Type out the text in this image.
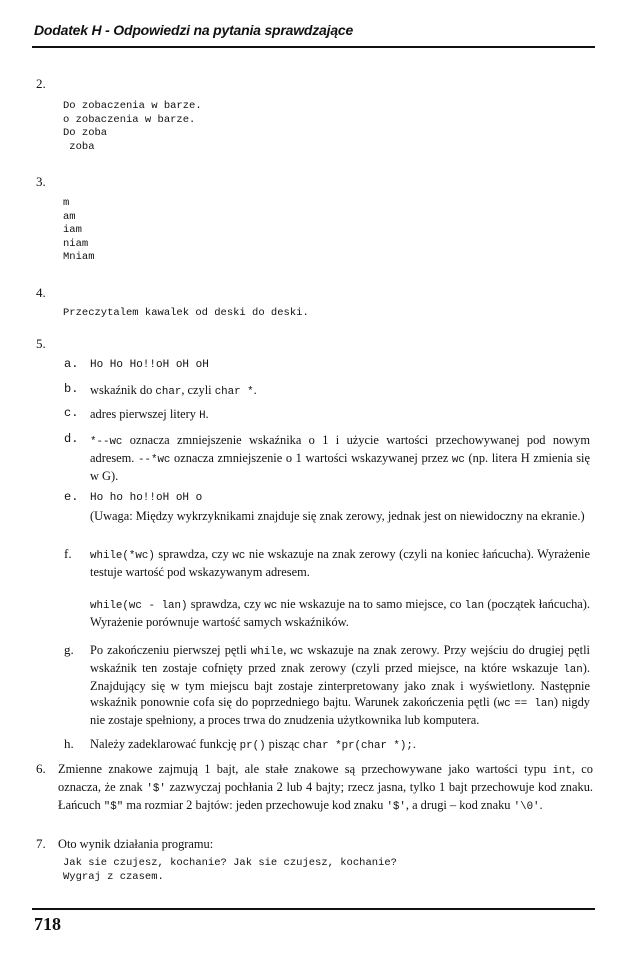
Dodatek H - Odpowiedzi na pytania sprawdzające
2.
Do zobaczenia w barze.
o zobaczenia w barze.
Do zoba
zoba
3.
m
am
iam
niam
Mniam
4.
Przeczytalem kawalek od deski do deski.
5.
a. Ho Ho Ho!!oH oH oH
b. wskaźnik do char, czyli char *.
c. adres pierwszej litery H.
d. *--wc oznacza zmniejszenie wskaźnika o 1 i użycie wartości przechowywanej pod nowym adresem. --*wc oznacza zmniejszenie o 1 wartości wskazywanej przez wc (np. litera H zmienia się w G).
e. Ho ho ho!!oH oH o
(Uwaga: Między wykrzyknikami znajduje się znak zerowy, jednak jest on niewidoczny na ekranie.)
f. while(*wc) sprawdza, czy wc nie wskazuje na znak zerowy (czyli na koniec łańcucha). Wyrażenie testuje wartość pod wskazywanym adresem.
while(wc - lan) sprawdza, czy wc nie wskazuje na to samo miejsce, co lan (początek łańcucha). Wyrażenie porównuje wartość samych wskaźników.
g. Po zakończeniu pierwszej pętli while, wc wskazuje na znak zerowy. Przy wejściu do drugiej pętli wskaźnik ten zostaje cofnięty przed znak zerowy (czyli przed miejsce, na które wskazuje lan). Znajdujący się w tym miejscu bajt zostaje zinterpretowany jako znak i wyświetlony. Następnie wskaźnik ponownie cofa się do poprzedniego bajtu. Warunek zakończenia pętli (wc == lan) nigdy nie zostaje spełniony, a proces trwa do znudzenia użytkownika lub komputera.
h. Należy zadeklarować funkcję pr() pisząc char *pr(char *);.
6. Zmienne znakowe zajmują 1 bajt, ale stałe znakowe są przechowywane jako wartości typu int, co oznacza, że znak '$' zazwyczaj pochłania 2 lub 4 bajty; rzecz jasna, tylko 1 bajt przechowuje kod znaku. Łańcuch "$" ma rozmiar 2 bajtów: jeden przechowuje kod znaku '$', a drugi – kod znaku '\0'.
7. Oto wynik działania programu:
Jak sie czujesz, kochanie? Jak sie czujesz, kochanie?
Wygraj z czasem.
718
